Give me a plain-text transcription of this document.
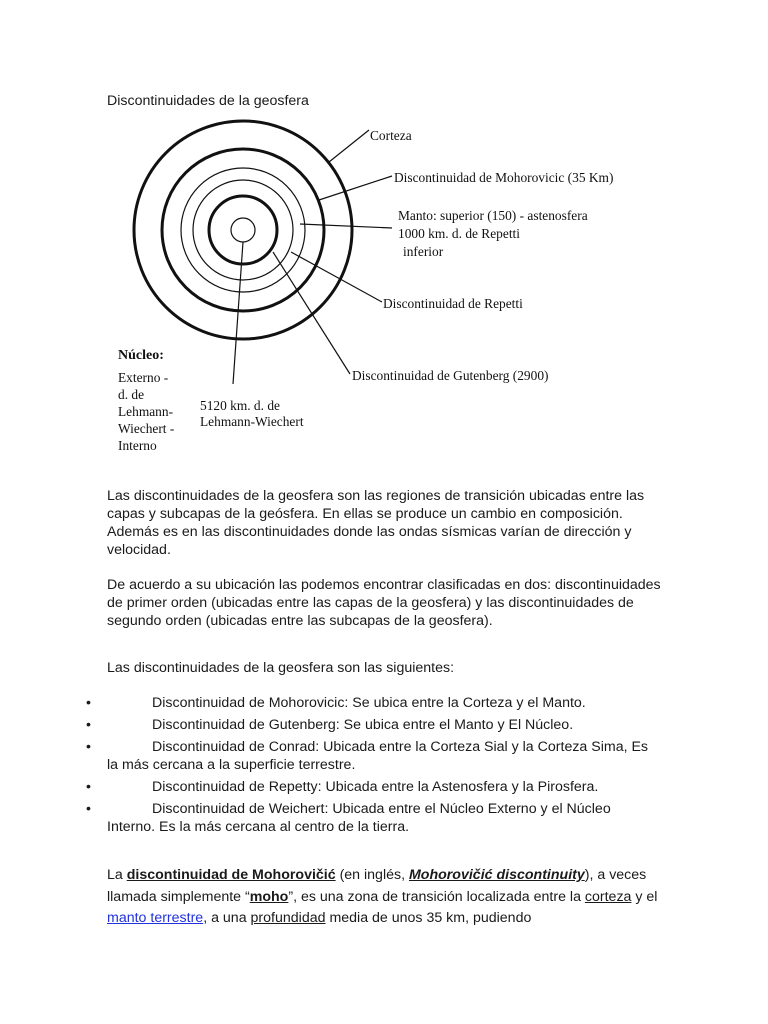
Discontinuidades de la geosfera
Corteza
Discontinuidad de Mohorovicic (35 Km)
Manto: superior (150) - astenosfera
1000 km. d. de Repetti
inferior
Discontinuidad de Repetti
Discontinuidad de Gutenberg (2900)
Núcleo:
Externo -
d. de
Lehmann-
Wiechert -
Interno
5120 km. d. de
Lehmann-Wiechert

Las discontinuidades de la geosfera son las regiones de transición ubicadas entre las capas y subcapas de la geósfera. En ellas se produce un cambio en composición. Además es en las discontinuidades donde las ondas sísmicas varían de dirección y velocidad.

De acuerdo a su ubicación las podemos encontrar clasificadas en dos: discontinuidades de primer orden (ubicadas entre las capas de la geosfera) y las discontinuidades de segundo orden (ubicadas entre las subcapas de la geosfera).

Las discontinuidades de la geosfera son las siguientes:

•	Discontinuidad de Mohorovicic: Se ubica entre la Corteza y el Manto.
•	Discontinuidad de Gutenberg: Se ubica entre el Manto y El Núcleo.
•	Discontinuidad de Conrad: Ubicada entre la Corteza Sial y la Corteza Sima, Es la más cercana a la superficie terrestre.
•	Discontinuidad de Repetty: Ubicada entre la Astenosfera y la Pirosfera.
•	Discontinuidad de Weichert: Ubicada entre el Núcleo Externo y el Núcleo Interno. Es la más cercana al centro de la tierra.

La discontinuidad de Mohorovičić (en inglés, Mohorovičić discontinuity), a veces llamada simplemente “moho”, es una zona de transición localizada entre la corteza y el manto terrestre, a una profundidad media de unos 35 km, pudiendo
